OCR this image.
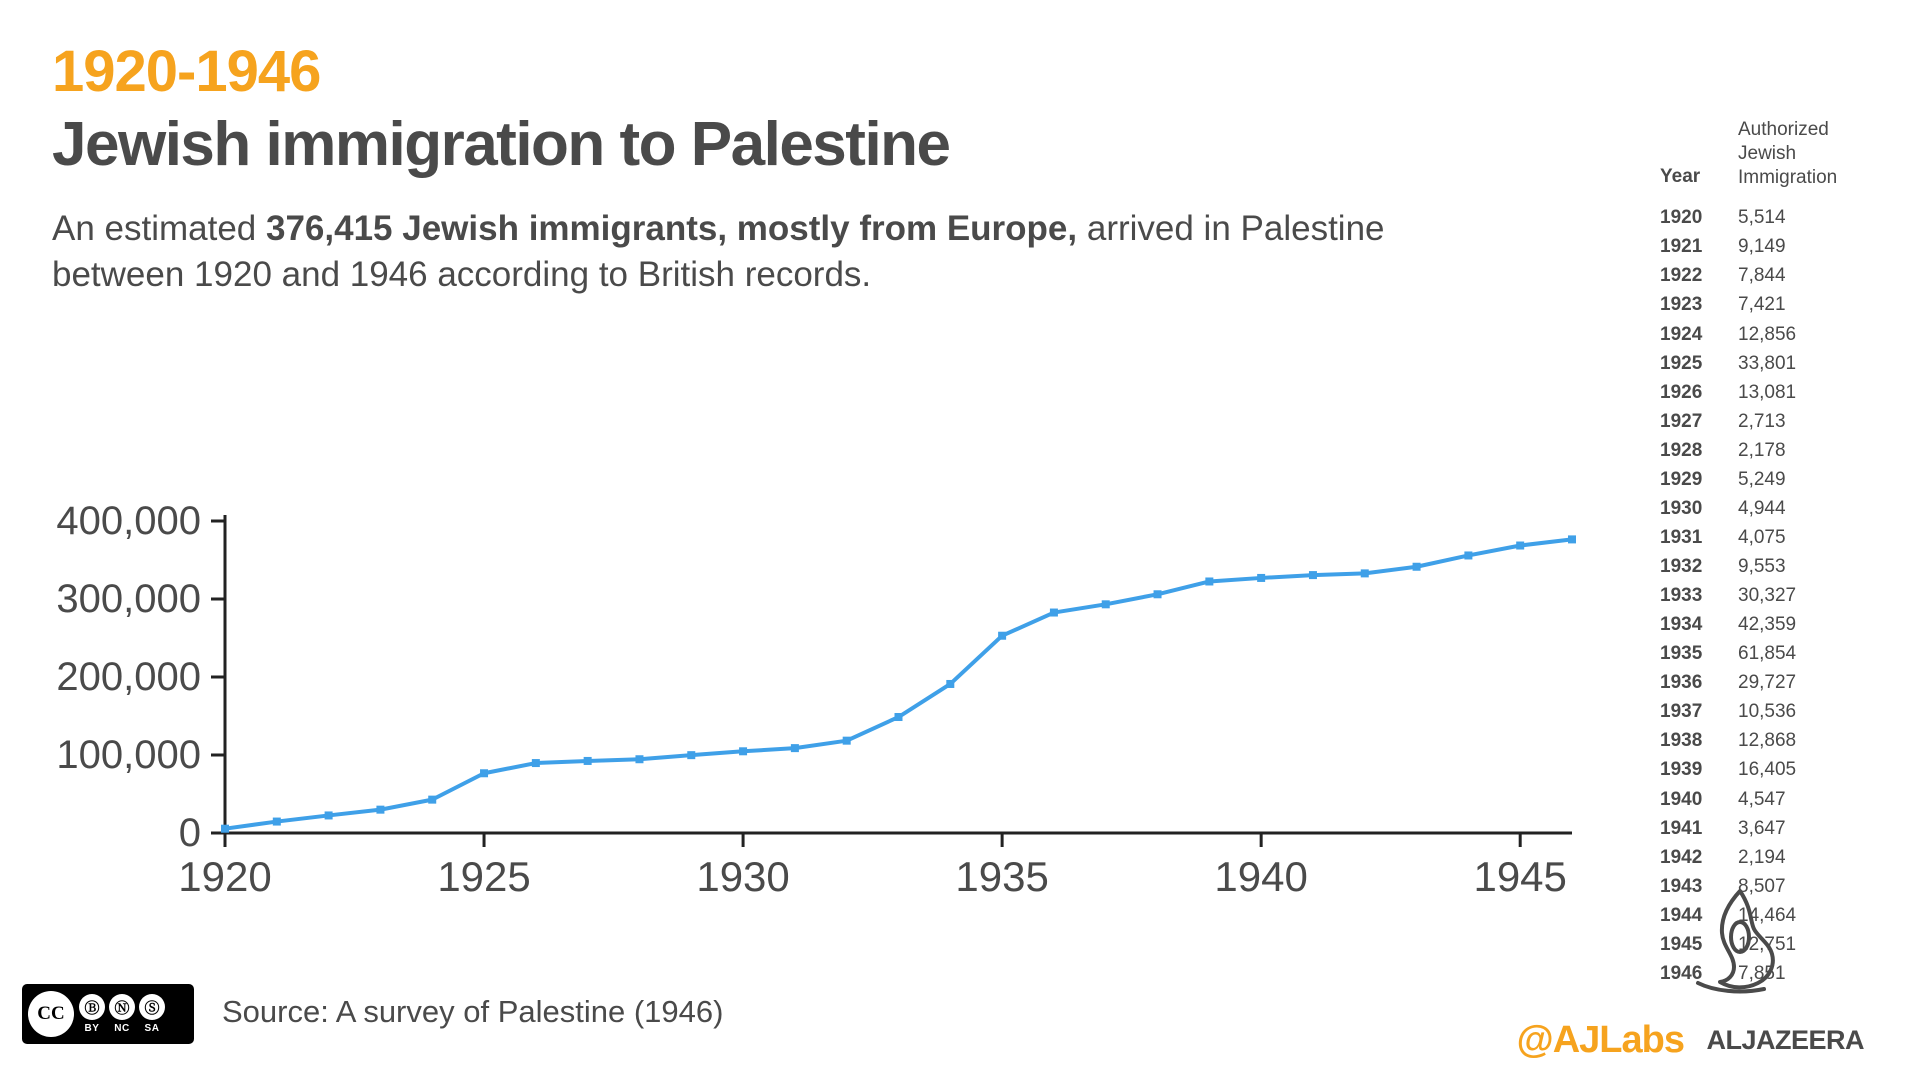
1920-1946
Jewish immigration to Palestine
An estimated 376,415 Jewish immigrants, mostly from Europe, arrived in Palestine between 1920 and 1946 according to British records.
0
100,000
200,000
300,000
400,000
1920	1925	1930	1935	1940	1945
Year
Authorized
Jewish
Immigration
1920	5,514
1921	9,149
1922	7,844
1923	7,421
1924	12,856
1925	33,801
1926	13,081
1927	2,713
1928	2,178
1929	5,249
1930	4,944
1931	4,075
1932	9,553
1933	30,327
1934	42,359
1935	61,854
1936	29,727
1937	10,536
1938	12,868
1939	16,405
1940	4,547
1941	3,647
1942	2,194
1943	8,507
1944	14,464
1945	12,751
1946	7,851
CC	Ⓑ
BY
Ⓝ
NC
Ⓢ
SA Source: A survey of Palestine (1946)
@AJLabs ALJAZEERA
